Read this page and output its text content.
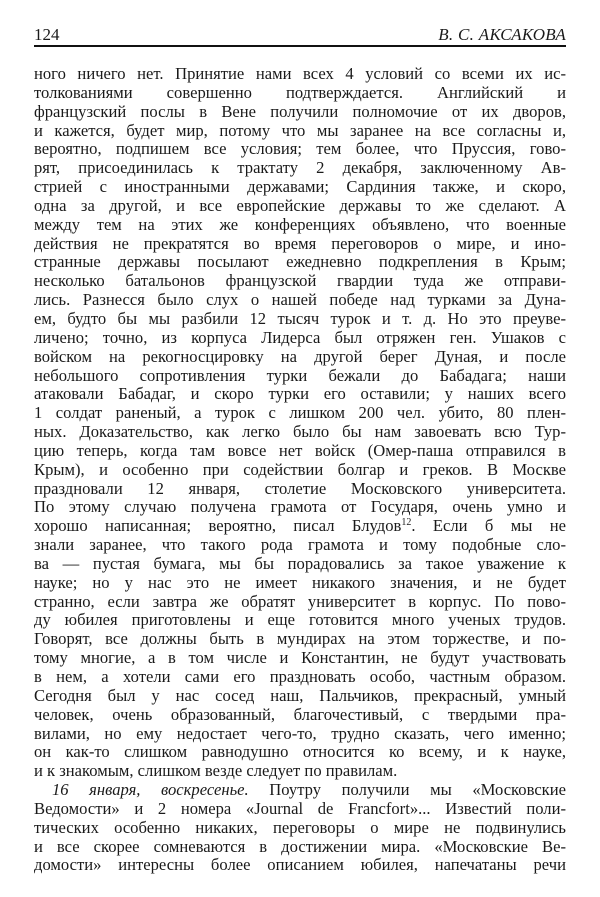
124	В. С. АКСАКОВА
ного ничего нет. Принятие нами всех 4 условий со всеми их ис-
толкованиями совершенно подтверждается. Английский и
французский послы в Вене получили полномочие от их дворов,
и кажется, будет мир, потому что мы заранее на все согласны и,
вероятно, подпишем все условия; тем более, что Пруссия, гово-
рят, присоединилась к трактату 2 декабря, заключенному Ав-
стрией с иностранными державами; Сардиния также, и скоро,
одна за другой, и все европейские державы то же сделают. А
между тем на этих же конференциях объявлено, что военные
действия не прекратятся во время переговоров о мире, и ино-
странные державы посылают ежедневно подкрепления в Крым;
несколько батальонов французской гвардии туда же отправи-
лись. Разнесся было слух о нашей победе над турками за Дуна-
ем, будто бы мы разбили 12 тысяч турок и т. д. Но это преуве-
личено; точно, из корпуса Лидерса был отряжен ген. Ушаков с
войском на рекогносцировку на другой берег Дуная, и после
небольшого сопротивления турки бежали до Бабадага; наши
атаковали Бабадаг, и скоро турки его оставили; у наших всего
1 солдат раненый, а турок с лишком 200 чел. убито, 80 плен-
ных. Доказательство, как легко было бы нам завоевать всю Тур-
цию теперь, когда там вовсе нет войск (Омер-паша отправился в
Крым), и особенно при содействии болгар и греков. В Москве
праздновали 12 января, столетие Московского университета.
По этому случаю получена грамота от Государя, очень умно и
хорошо написанная; вероятно, писал Блудов$^{12}$. Если б мы не
знали заранее, что такого рода грамота и тому подобные сло-
ва — пустая бумага, мы бы порадовались за такое уважение к
науке; но у нас это не имеет никакого значения, и не будет
странно, если завтра же обратят университет в корпус. По пово-
ду юбилея приготовлены и еще готовится много ученых трудов.
Говорят, все должны быть в мундирах на этом торжестве, и по-
тому многие, а в том числе и Константин, не будут участвовать
в нем, а хотели сами его праздновать особо, частным образом.
Сегодня был у нас сосед наш, Пальчиков, прекрасный, умный
человек, очень образованный, благочестивый, с твердыми пра-
вилами, но ему недостает чего-то, трудно сказать, чего именно;
он как-то слишком равнодушно относится ко всему, и к науке,
и к знакомым, слишком везде следует по правилам.
16 января, воскресенье. Поутру получили мы «Московские
Ведомости» и 2 номера «Journal de Francfort»... Известий поли-
тических особенно никаких, переговоры о мире не подвинулись
и все скорее сомневаются в достижении мира. «Московские Ве-
домости» интересны более описанием юбилея, напечатаны речи
